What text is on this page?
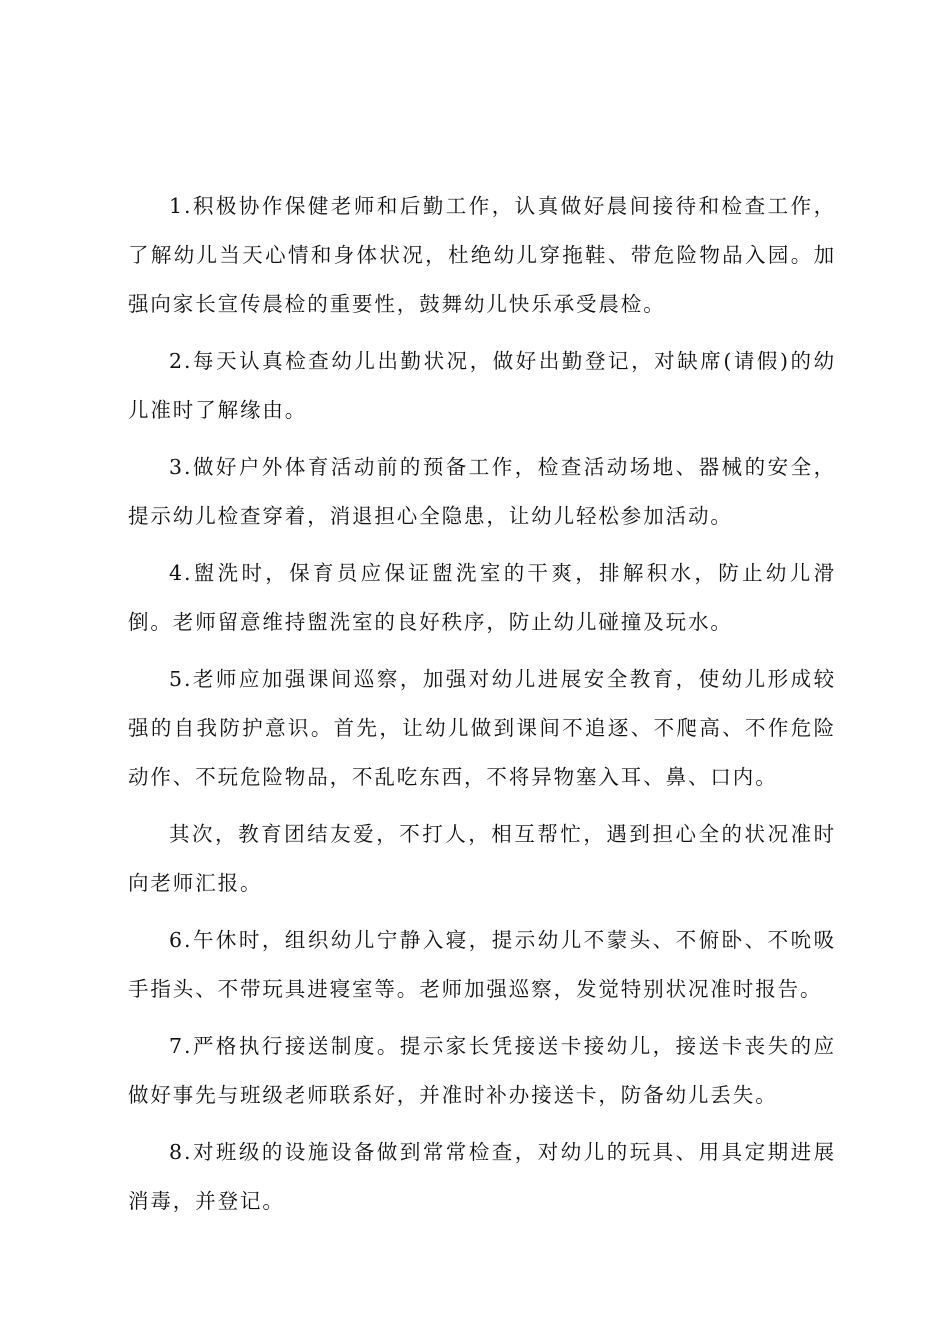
1.积极协作保健老师和后勤工作，认真做好晨间接待和检查工作，了解幼儿当天心情和身体状况，杜绝幼儿穿拖鞋、带危险物品入园。加强向家长宣传晨检的重要性，鼓舞幼儿快乐承受晨检。

2.每天认真检查幼儿出勤状况，做好出勤登记，对缺席(请假)的幼儿准时了解缘由。

3.做好户外体育活动前的预备工作，检查活动场地、器械的安全，提示幼儿检查穿着，消退担心全隐患，让幼儿轻松参加活动。

4.盥洗时，保育员应保证盥洗室的干爽，排解积水，防止幼儿滑倒。老师留意维持盥洗室的良好秩序，防止幼儿碰撞及玩水。

5.老师应加强课间巡察，加强对幼儿进展安全教育，使幼儿形成较强的自我防护意识。首先，让幼儿做到课间不追逐、不爬高、不作危险动作、不玩危险物品，不乱吃东西，不将异物塞入耳、鼻、口内。

其次，教育团结友爱，不打人，相互帮忙，遇到担心全的状况准时向老师汇报。

6.午休时，组织幼儿宁静入寝，提示幼儿不蒙头、不俯卧、不吮吸手指头、不带玩具进寝室等。老师加强巡察，发觉特别状况准时报告。

7.严格执行接送制度。提示家长凭接送卡接幼儿，接送卡丧失的应做好事先与班级老师联系好，并准时补办接送卡，防备幼儿丢失。

8.对班级的设施设备做到常常检查，对幼儿的玩具、用具定期进展消毒，并登记。
